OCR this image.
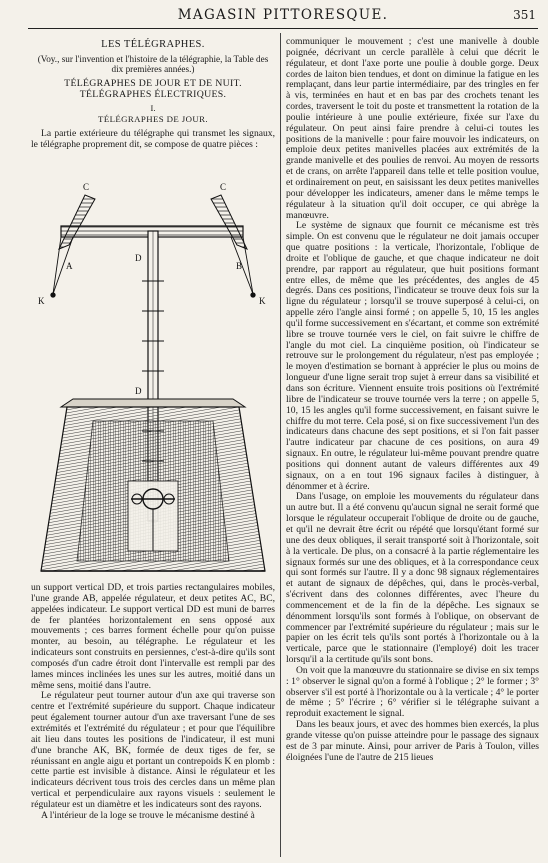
MAGASIN PITTORESQUE.	351
LES TÉLÉGRAPHES.
(Voy., sur l'invention et l'histoire de la télégraphie, la Table des dix premières années.)
TÉLÉGRAPHES DE JOUR ET DE NUIT.
TÉLÉGRAPHES ÉLECTRIQUES.
I.
TÉLÉGRAPHES DE JOUR.

La partie extérieure du télégraphe qui transmet les signaux, le télégraphe proprement dit, se compose de quatre pièces :

C	C
A	B
D
D
K	K

un support vertical DD, et trois parties rectangulaires mobiles, l'une grande AB, appelée régulateur, et deux petites AC, BC, appelées indicateur. Le support vertical DD est muni de barres de fer plantées horizontalement en sens opposé aux mouvements ; ces barres forment échelle pour qu'on puisse monter, au besoin, au télégraphe. Le régulateur et les indicateurs sont construits en persiennes, c'est-à-dire qu'ils sont composés d'un cadre étroit dont l'intervalle est rempli par des lames minces inclinées les unes sur les autres, moitié dans un même sens, moitié dans l'autre.

Le régulateur peut tourner autour d'un axe qui traverse son centre et l'extrémité supérieure du support. Chaque indicateur peut également tourner autour d'un axe traversant l'une de ses extrémités et l'extrémité du régulateur ; et pour que l'équilibre ait lieu dans toutes les positions de l'indicateur, il est muni d'une branche AK, BK, formée de deux tiges de fer, se réunissant en angle aigu et portant un contrepoids K en plomb : cette partie est invisible à distance. Ainsi le régulateur et les indicateurs décrivent tous trois des cercles dans un même plan vertical et perpendiculaire aux rayons visuels : seulement le régulateur est un diamètre et les indicateurs sont des rayons.

A l'intérieur de la loge se trouve le mécanisme destiné à

communiquer le mouvement ; c'est une manivelle à double poignée, décrivant un cercle parallèle à celui que décrit le régulateur, et dont l'axe porte une poulie à double gorge. Deux cordes de laiton bien tendues, et dont on diminue la fatigue en les remplaçant, dans leur partie intermédiaire, par des tringles en fer à vis, terminées en haut et en bas par des crochets tenant les cordes, traversent le toit du poste et transmettent la rotation de la poulie intérieure à une poulie extérieure, fixée sur l'axe du régulateur. On peut ainsi faire prendre à celui-ci toutes les positions de la manivelle : pour faire mouvoir les indicateurs, on emploie deux petites manivelles placées aux extrémités de la grande manivelle et des poulies de renvoi. Au moyen de ressorts et de crans, on arrête l'appareil dans telle et telle position voulue, et ordinairement on peut, en saisissant les deux petites manivelles pour développer les indicateurs, amener dans le même temps le régulateur à la situation qu'il doit occuper, ce qui abrège la manœuvre.

Le système de signaux que fournit ce mécanisme est très simple. On est convenu que le régulateur ne doit jamais occuper que quatre positions : la verticale, l'horizontale, l'oblique de droite et l'oblique de gauche, et que chaque indicateur ne doit prendre, par rapport au régulateur, que huit positions formant entre elles, de même que les précédentes, des angles de 45 degrés. Dans ces positions, l'indicateur se trouve deux fois sur la ligne du régulateur ; lorsqu'il se trouve superposé à celui-ci, on appelle zéro l'angle ainsi formé ; on appelle 5, 10, 15 les angles qu'il forme successivement en s'écartant, et comme son extrémité libre se trouve tournée vers le ciel, on fait suivre le chiffre de l'angle du mot ciel. La cinquième position, où l'indicateur se retrouve sur le prolongement du régulateur, n'est pas employée ; le moyen d'estimation se bornant à apprécier le plus ou moins de longueur d'une ligne serait trop sujet à erreur dans sa visibilité et dans son écriture. Viennent ensuite trois positions où l'extrémité libre de l'indicateur se trouve tournée vers la terre ; on appelle 5, 10, 15 les angles qu'il forme successivement, en faisant suivre le chiffre du mot terre. Cela posé, si on fixe successivement l'un des indicateurs dans chacune des sept positions, et si l'on fait passer l'autre indicateur par chacune de ces positions, on aura 49 signaux. En outre, le régulateur lui-même pouvant prendre quatre positions qui donnent autant de valeurs différentes aux 49 signaux, on a en tout 196 signaux faciles à distinguer, à dénommer et à écrire.

Dans l'usage, on emploie les mouvements du régulateur dans un autre but. Il a été convenu qu'aucun signal ne serait formé que lorsque le régulateur occuperait l'oblique de droite ou de gauche, et qu'il ne devrait être écrit ou répété que lorsqu'étant formé sur une des deux obliques, il serait transporté soit à l'horizontale, soit à la verticale. De plus, on a consacré à la partie réglementaire les signaux formés sur une des obliques, et à la correspondance ceux qui sont formés sur l'autre. Il y a donc 98 signaux réglementaires et autant de signaux de dépêches, qui, dans le procès-verbal, s'écrivent dans des colonnes différentes, avec l'heure du commencement et de la fin de la dépêche. Les signaux se dénomment lorsqu'ils sont formés à l'oblique, on observant de commencer par l'extrémité supérieure du régulateur ; mais sur le papier on les écrit tels qu'ils sont portés à l'horizontale ou à la verticale, parce que le stationnaire (l'employé) doit les tracer lorsqu'il a la certitude qu'ils sont bons.

On voit que la manœuvre du stationnaire se divise en six temps : 1° observer le signal qu'on a formé à l'oblique ; 2° le former ; 3° observer s'il est porté à l'horizontale ou à la verticale ; 4° le porter de même ; 5° l'écrire ; 6° vérifier si le télégraphe suivant a reproduit exactement le signal.

Dans les beaux jours, et avec des hommes bien exercés, la plus grande vitesse qu'on puisse atteindre pour le passage des signaux est de 3 par minute. Ainsi, pour arriver de Paris à Toulon, villes éloignées l'une de l'autre de 215 lieues
